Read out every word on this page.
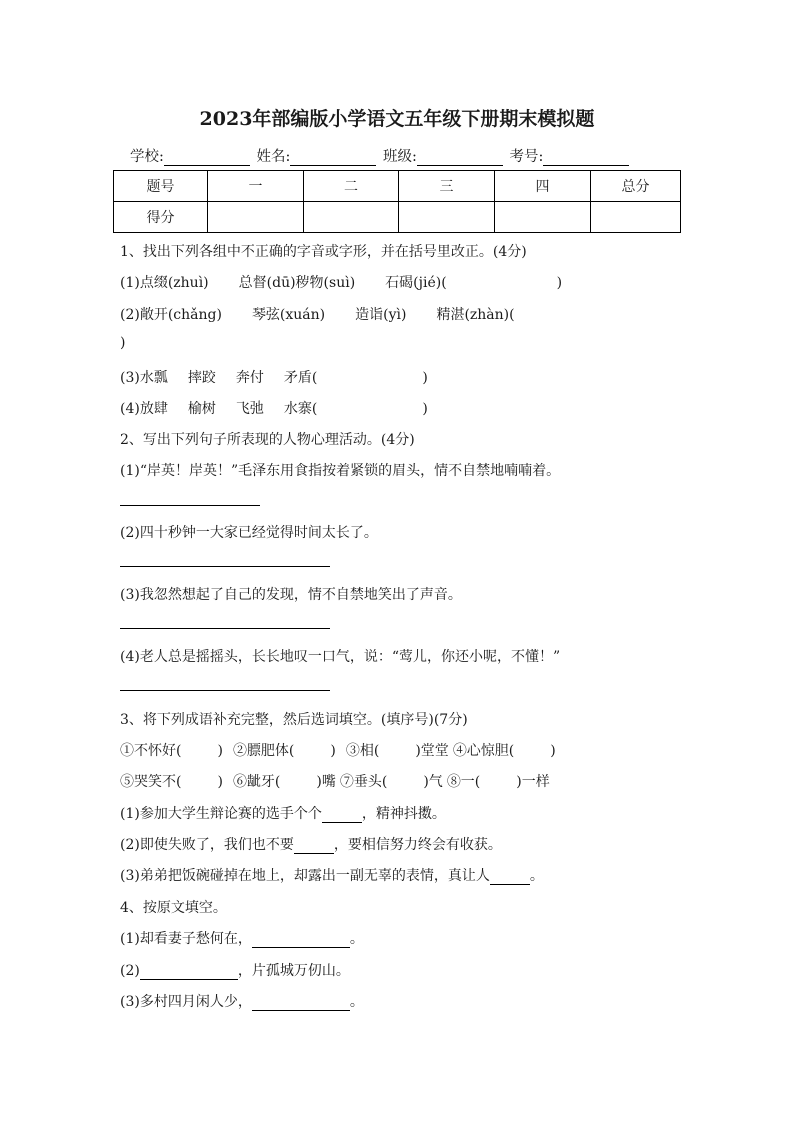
2023年部编版小学语文五年级下册期末模拟题
学校:	姓名:	班级:	考号:
题号	一	二	三	四	总分
得分					
1、找出下列各组中不正确的字音或字形，并在括号里改正。(4分)
(1)点缀(zhuì) 总督(dū)秽物(suì) 石碣(jié)(	)
(2)敞开(chǎng) 琴弦(xuán) 造诣(yì) 精湛(zhàn)(
)
(3)水瓢 摔跤 奔付 矛盾(	)
(4)放肆 榆树 飞弛 水寨(	)
2、写出下列句子所表现的人物心理活动。(4分)
(1)“岸英！岸英！”毛泽东用食指按着紧锁的眉头，情不自禁地喃喃着。
(2)四十秒钟一大家已经觉得时间太长了。
(3)我忽然想起了自己的发现，情不自禁地笑出了声音。
(4)老人总是摇摇头，长长地叹一口气，说：“莺儿，你还小呢，不懂！”
3、将下列成语补充完整，然后选词填空。(填序号)(7分)
①不怀好(	) ②膘肥体(	) ③相(	)堂堂 ④心惊胆(	)
⑤哭笑不(	) ⑥龇牙(	)嘴 ⑦垂头(	)气 ⑧一(	)一样
(1)参加大学生辩论赛的选手个个	，精神抖擞。
(2)即使失败了，我们也不要	，要相信努力终会有收获。
(3)弟弟把饭碗碰掉在地上，却露出一副无辜的表情，真让人	。
4、按原文填空。
(1)却看妻子愁何在，	。
(2)	，片孤城万仞山。
(3)多村四月闲人少，	。
